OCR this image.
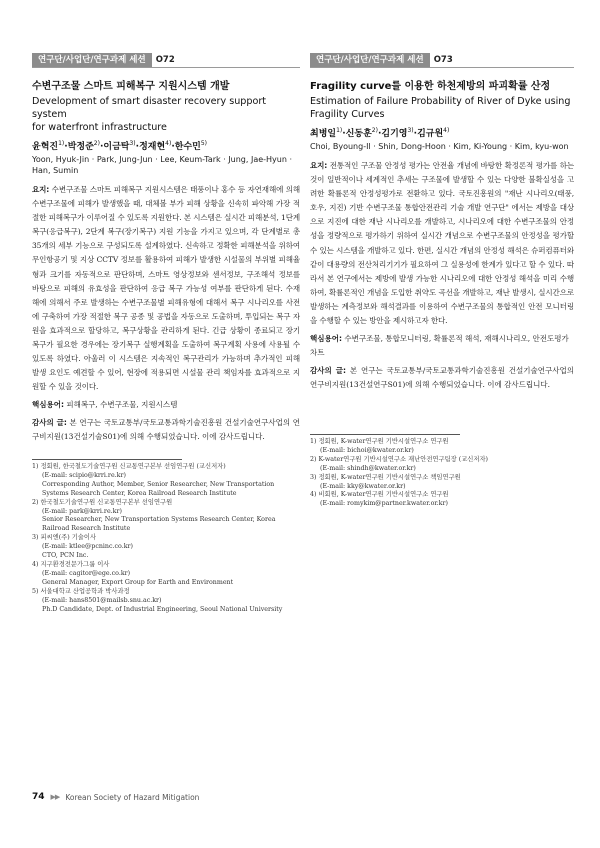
연구단/사업단/연구과제 세션	O72
수변구조물 스마트 피해복구 지원시스템 개발
Development of smart disaster recovery support system
for waterfront infrastructure
윤혁진$^{1)}$·박정준$^{2)}$·이금탁$^{3)}$·정재현$^{4)}$·한수민$^{5)}$
Yoon, Hyuk-Jin · Park, Jung-Jun · Lee, Keum-Tark · Jung, Jae-Hyun · Han, Sumin
요지: 수변구조물 스마트 피해복구 지원시스템은 태풍이나 홍수 등 자연재해에 의해 수변구조물에 피해가 발생했을 때, 대체볼 부가 피해 상황을 신속히 파악해 가장 적절한 피해복구가 이루어질 수 있도록 지원한다. 본 시스템은 실시간 피해분석, 1단계 복구(응급복구), 2단계 복구(장기복구) 지원 기능을 가지고 있으며, 각 단계별로 총 35개의 세부 기능으로 구성되도록 설계하였다. 신속하고 정확한 피해분석을 위하여 무인항공기 및 지상 CCTV 정보를 활용하여 피해가 발생한 시설물의 부위별 피해율 형과 크기를 자동적으로 판단하며, 스마트 영상정보와 센서정보, 구조해석 정보를 바탕으로 피해의 유효성을 판단하여 응급 복구 가능성 여부를 판단하게 된다. 수재해에 의해서 주로 발생하는 수변구조물별 피해유형에 대해서 복구 시나리오를 사전에 구축하여 가장 적절한 복구 공종 및 공법을 자동으로 도출하며, 투입되는 복구 자원을 효과적으로 할당하고, 복구상황을 관리하게 된다. 긴급 상황이 종료되고 장기복구가 필요한 경우에는 장기복구 실행계획을 도출하여 복구계획 사용에 사용될 수 있도록 하였다. 아울러 이 시스템은 지속적인 복구관리가 가능하며 추가적인 피해 발생 요인도 예견할 수 있어, 현장에 적용되면 시설물 관리 책임자를 효과적으로 지원할 수 있을 것이다.
핵심용어: 피해복구, 수변구조물, 지원시스템
감사의 글: 본 연구는 국토교통부/국토교통과학기술진흥원 건설기술연구사업의 연구비지원(13건설기술S01)에 의해 수행되었습니다. 이에 감사드립니다.
1) 정회원, 한국철도기술연구원 신교통연구본부 선임연구원 (교신저자)
(E-mail: scipio@krri.re.kr)
Corresponding Author, Member, Senior Researcher, New Transportation
Systems Research Center, Korea Railroad Research Institute
2) 한국철도기술연구원 신교통연구본부 선임연구원
(E-mail: park@krri.re.kr)
Senior Researcher, New Transportation Systems Research Center, Korea
Railroad Research Institute
3) 피씨엔(주) 기술이사
(E-mail: ktlee@pcninc.co.kr)
CTO, PCN Inc.
4) 지구환경전문가그룹 이사
(E-mail: cagitor@ege.co.kr)
General Manager, Export Group for Earth and Environment
5) 서울대학교 산업공학과 박사과정
(E-mail: hans8501@mailsb.snu.ac.kr)
Ph.D Candidate, Dept. of Industrial Engineering, Seoul National University
연구단/사업단/연구과제 세션	O73
Fragility curve를 이용한 하천제방의 파괴확률 산정
Estimation of Failure Probability of River of Dyke using
Fragility Curves
최병일$^{1)}$·신동훈$^{2)}$·김기영$^{3)}$·김규원$^{4)}$
Choi, Byoung-Il · Shin, Dong-Hoon · Kim, Ki-Young · Kim, kyu-won
요지: 전통적인 구조물 안정성 평가는 안전율 개념에 바탕한 확정론적 평가를 하는 것이 일반적이나 세계적인 추세는 구조물에 발생할 수 있는 다양한 불확실성을 고려한 확률론적 안정성평가로 전환하고 있다. 국토진흥원의 "재난 시나리오(태풍, 호우, 지진) 기반 수변구조물 통합안전관리 기술 개발 연구단" 에서는 제방을 대상으로 지진에 대한 재난 시나리오를 개발하고, 시나리오에 대한 수변구조물의 안정성을 정량적으로 평가하기 위하여 실시간 개념으로 수변구조물의 안정성을 평가할 수 있는 시스템을 개발하고 있다. 한편, 실시간 개념의 안정성 해석은 슈퍼컴퓨터와 같이 대용량의 전산처리기기가 필요하여 그 실용성에 한계가 있다고 할 수 있다. 따라서 본 연구에서는 제방에 발생 가능한 시나리오에 대한 안정성 해석을 미리 수행하여, 확률론적인 개념을 도입한 취약도 곡선을 개발하고, 재난 발생시, 실시간으로 발생하는 계측정보와 해석결과를 이용하여 수변구조물의 통합적인 안전 모니터링을 수행할 수 있는 방안을 제시하고자 한다.
핵심용어: 수변구조물, 통합모니터링, 확률론적 해석, 재해시나리오, 안전도평가차트
감사의 글: 본 연구는 국토교통부/국토교통과학기술진흥원 건설기술연구사업의 연구비지원(13건설연구S01)에 의해 수행되었습니다. 이에 감사드립니다.
1) 정회원, K-water연구원 기반시설연구소 연구원
(E-mail: bichoi@kwater.or.kr)
2) K-water연구원 기반시설연구소 재난안전연구팀장 (교신저자)
(E-mail: shindh@kwater.or.kr)
3) 정회원, K-water연구원 기반시설연구소 책임연구원
(E-mail: kky@kwater.or.kr)
4) 비회원, K-water연구원 기반시설연구소 연구원
(E-mail: romykim@partner.kwater.or.kr)
74 ▶▶ Korean Society of Hazard Mitigation
